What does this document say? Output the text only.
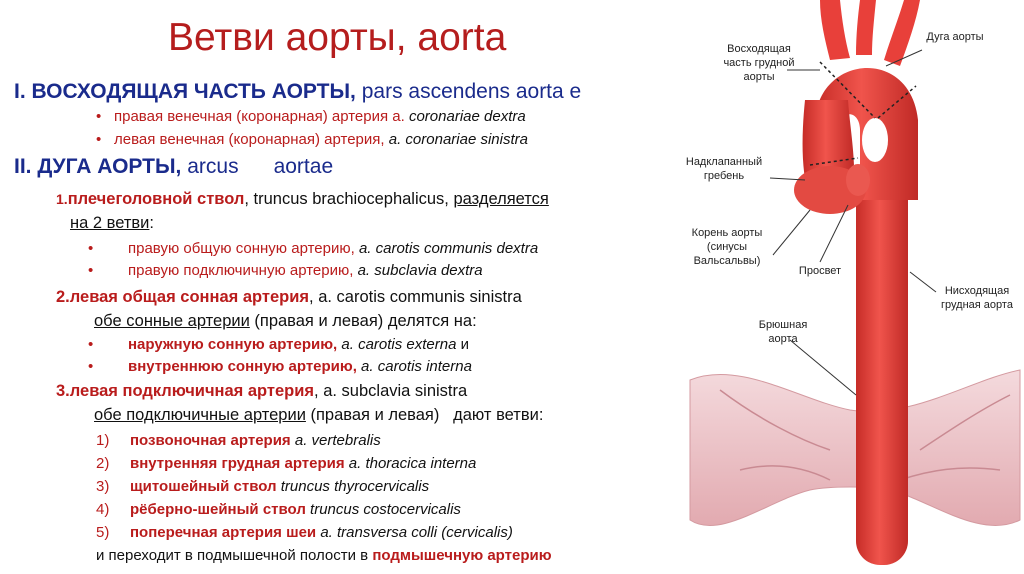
Ветви аорты, aorta
I. ВОСХОДЯЩАЯ ЧАСТЬ АОРТЫ, pars ascendens aorta е
• правая венечная (коронарная) артерия а. coronariae dextra
• левая венечная (коронарная) артерия, a. coronariae sinistra
II. ДУГА АОРТЫ, arcus      aortae
1.плечеголовной ствол, truncus brachiocephalicus, разделяется
на 2 ветви:
• правую общую сонную артерию, a. carotis communis dextra
• правую подключичную артерию, a. subclavia dextra
2.левая общая сонная артерия, a. carotis communis sinistra
обе сонные артерии (правая и левая) делятся на:
• наружную сонную артерию, a. carotis externa и
• внутреннюю сонную артерию, a. carotis interna
3.левая подключичная артерия, a. subclavia sinistra
обе подключичные артерии (правая и левая)   дают ветви:
1) позвоночная артерия a. vertebralis
2) внутренняя грудная артерия a. thoracica interna
3) щитошейный ствол truncus thyrocervicalis
4) рёберно-шейный ствол truncus costocervicalis
5) поперечная артерия шеи a. transversa colli (cervicalis)
и переходит в подмышечной полости в подмышечную артерию
Восходящая часть грудной аорты
Дуга аорты
Надклапанный гребень
Корень аорты (синусы Вальсальвы)
Просвет
Нисходящая грудная аорта
Брюшная аорта
